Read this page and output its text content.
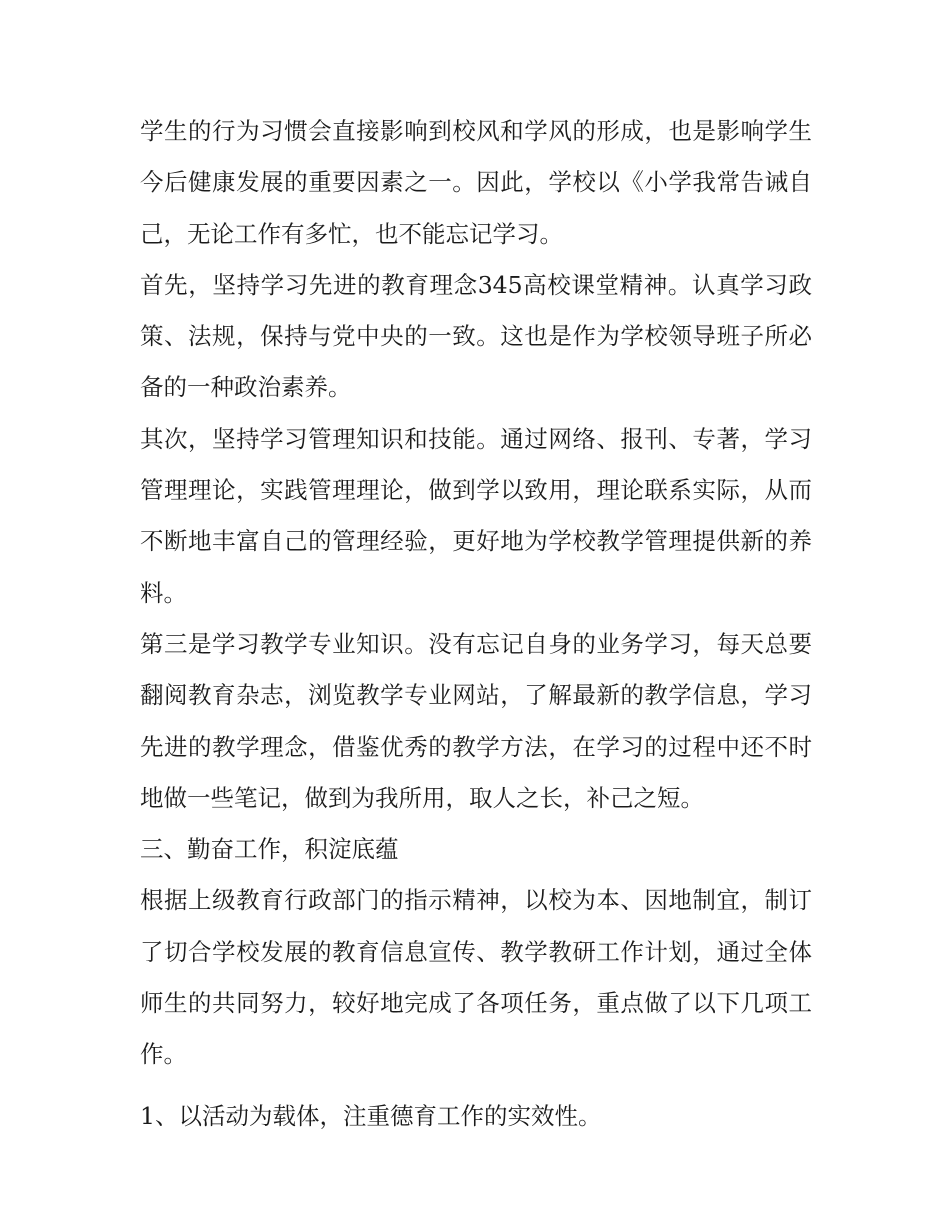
学生的行为习惯会直接影响到校风和学风的形成，也是影响学生今后健康发展的重要因素之一。因此，学校以《小学我常告诫自己，无论工作有多忙，也不能忘记学习。

首先，坚持学习先进的教育理念345高校课堂精神。认真学习政策、法规，保持与党中央的一致。这也是作为学校领导班子所必备的一种政治素养。

其次，坚持学习管理知识和技能。通过网络、报刊、专著，学习管理理论，实践管理理论，做到学以致用，理论联系实际，从而不断地丰富自己的管理经验，更好地为学校教学管理提供新的养料。

第三是学习教学专业知识。没有忘记自身的业务学习，每天总要翻阅教育杂志，浏览教学专业网站，了解最新的教学信息，学习先进的教学理念，借鉴优秀的教学方法，在学习的过程中还不时地做一些笔记，做到为我所用，取人之长，补己之短。

三、勤奋工作，积淀底蕴

根据上级教育行政部门的指示精神，以校为本、因地制宜，制订了切合学校发展的教育信息宣传、教学教研工作计划，通过全体师生的共同努力，较好地完成了各项任务，重点做了以下几项工作。

1、以活动为载体，注重德育工作的实效性。
